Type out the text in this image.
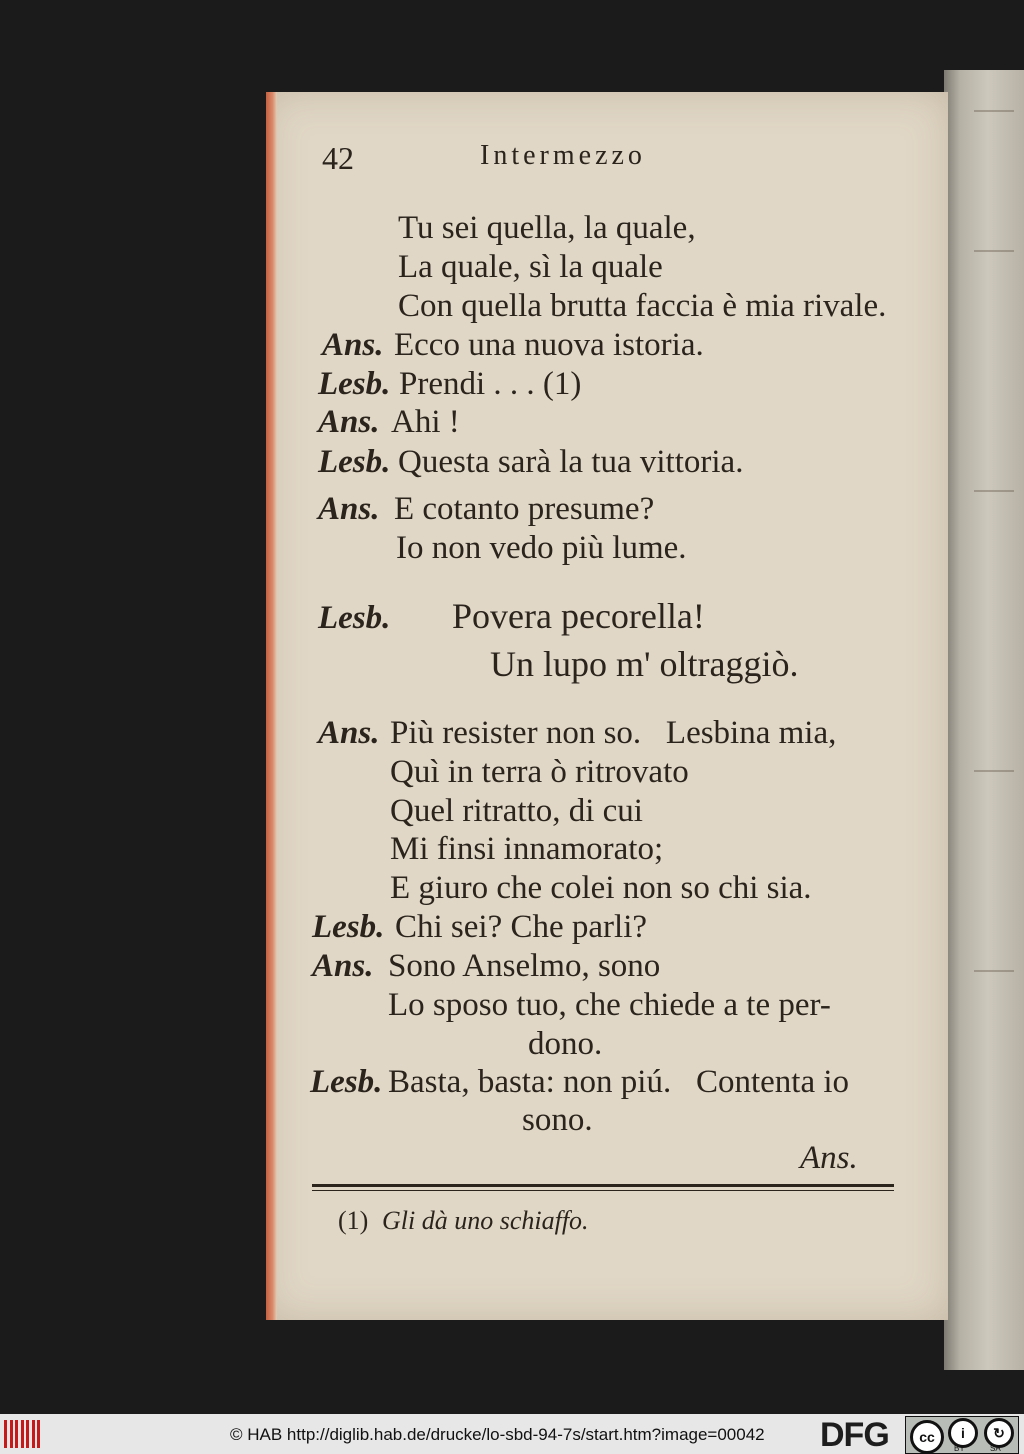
42	Intermezzo
Tu sei quella, la quale,
La quale, sì la quale
Con quella brutta faccia è mia rivale.
Ans. Ecco una nuova istoria.
Lesb. Prendi . . . (1)
Ans. Ahi !
Lesb. Questa sarà la tua vittoria.
Ans. E cotanto presume?
Io non vedo più lume.
Lesb. Povera pecorella!
Un lupo m' oltraggiò.
Ans. Più resister non so.   Lesbina mia,
Quì in terra ò ritrovato
Quel ritratto, di cui
Mi finsi innamorato;
E giuro che colei non so chi sia.
Lesb. Chi sei? Che parli?
Ans. Sono Anselmo, sono
Lo sposo tuo, che chiede a te per-
dono.
Lesb. Basta, basta: non piú.   Contenta io
sono.
Ans.
(1) Gli dà uno schiaffo.
© HAB http://diglib.hab.de/drucke/lo-sbd-94-7s/start.htm?image=00042 DFG	cc	i	↻
BY	SA
